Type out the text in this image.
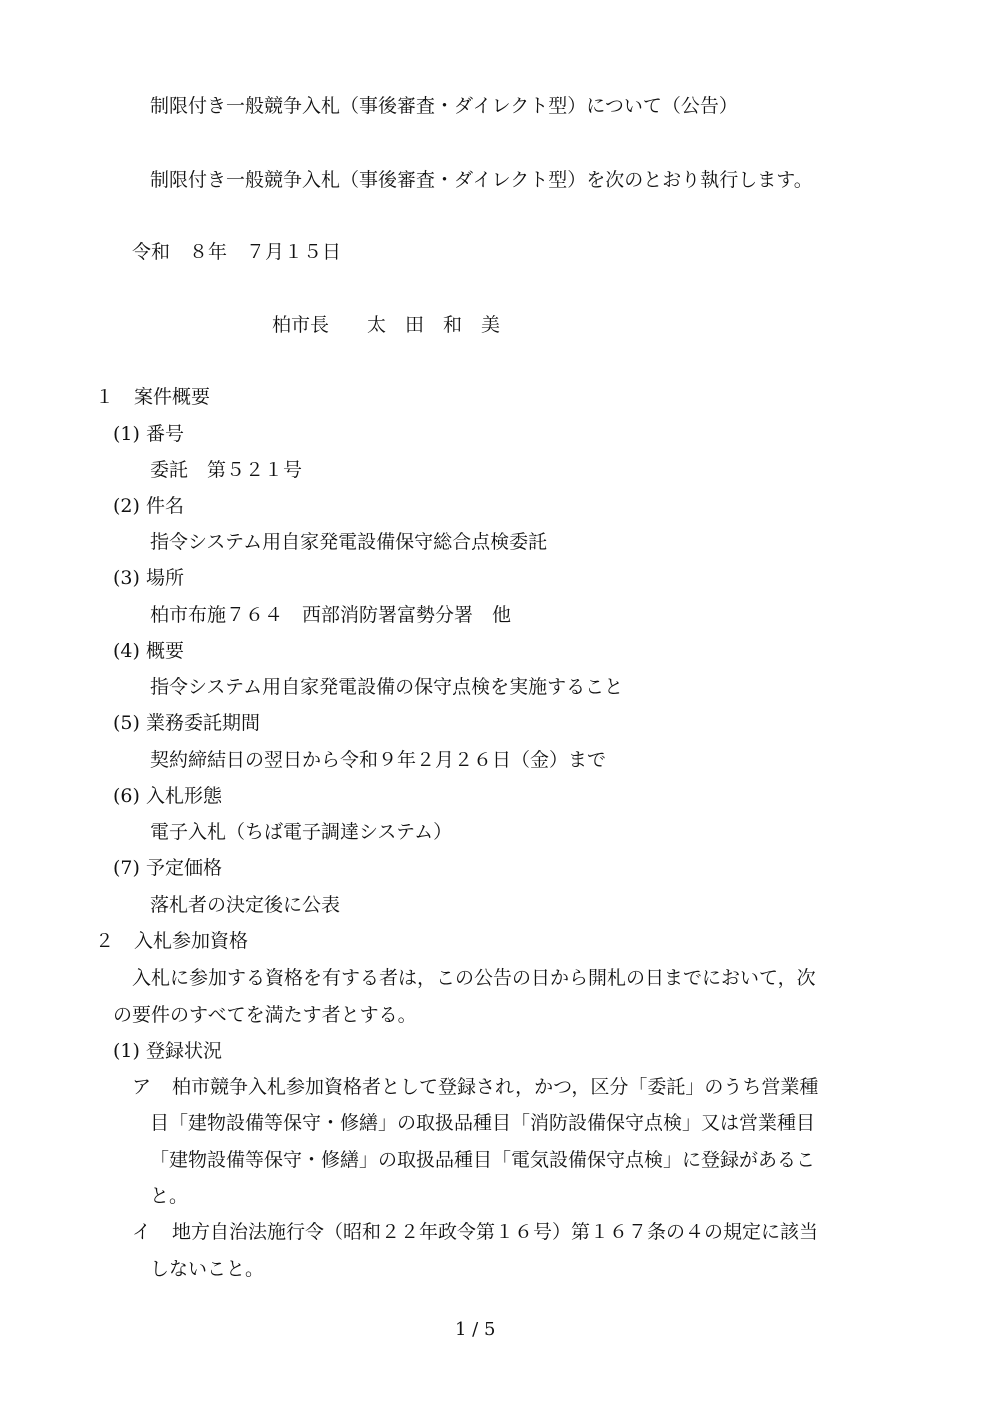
制限付き一般競争入札（事後審査・ダイレクト型）について（公告）
制限付き一般競争入札（事後審査・ダイレクト型）を次のとおり執行します。
令和　８年　７月１５日
柏市長　　太　田　和　美
１ 案件概要
(1) 番号
委託　第５２１号
(2) 件名
指令システム用自家発電設備保守総合点検委託
(3) 場所
柏市布施７６４　西部消防署富勢分署　他
(4) 概要
指令システム用自家発電設備の保守点検を実施すること
(5) 業務委託期間
契約締結日の翌日から令和９年２月２６日（金）まで
(6) 入札形態
電子入札（ちば電子調達システム）
(7) 予定価格
落札者の決定後に公表
２ 入札参加資格
入札に参加する資格を有する者は，この公告の日から開札の日までにおいて，次
の要件のすべてを満たす者とする。
(1) 登録状況
ア 柏市競争入札参加資格者として登録され，かつ，区分「委託」のうち営業種
目「建物設備等保守・修繕」の取扱品種目「消防設備保守点検」又は営業種目
「建物設備等保守・修繕」の取扱品種目「電気設備保守点検」に登録があるこ
と。
イ 地方自治法施行令（昭和２２年政令第１６号）第１６７条の４の規定に該当
しないこと。
1 / 5
